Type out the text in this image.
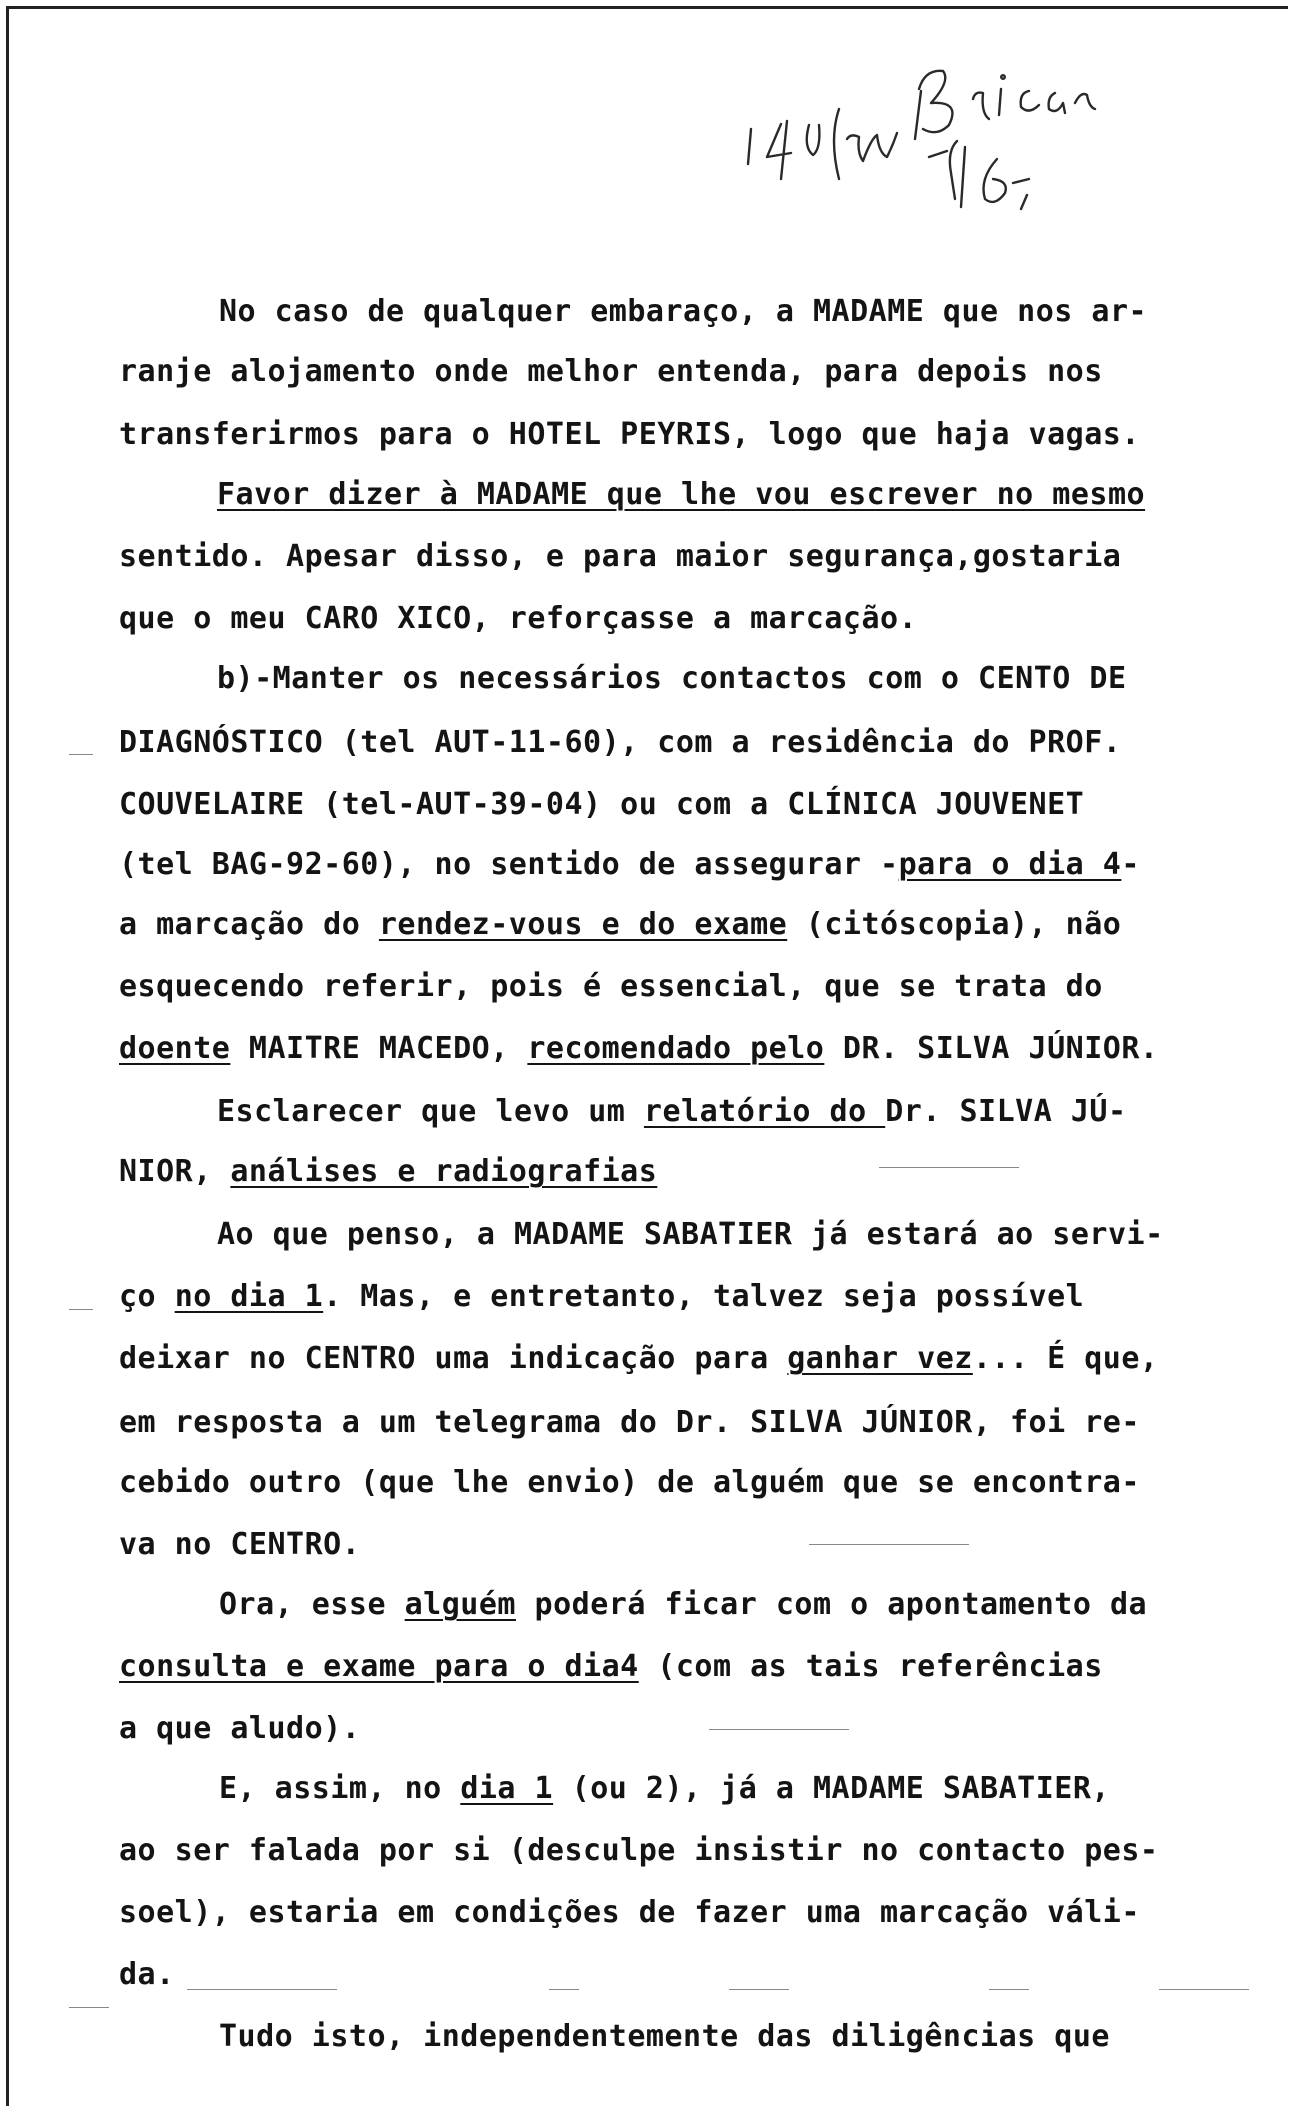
No caso de qualquer embaraço, a MADAME que nos ar-
ranje alojamento onde melhor entenda, para depois nos
transferirmos para o HOTEL PEYRIS, logo que haja vagas.
Favor dizer à MADAME que lhe vou escrever no mesmo
sentido. Apesar disso, e para maior segurança,gostaria
que o meu CARO XICO, reforçasse a marcação.
b)-Manter os necessários contactos com o CENTO DE
DIAGNÓSTICO (tel AUT-11-60), com a residência do PROF.
COUVELAIRE (tel-AUT-39-04) ou com a CLÍNICA JOUVENET
(tel BAG-92-60), no sentido de assegurar -para o dia 4-
a marcação do rendez-vous e do exame (citóscopia), não
esquecendo referir, pois é essencial, que se trata do
doente MAITRE MACEDO, recomendado pelo DR. SILVA JÚNIOR.
Esclarecer que levo um relatório do Dr. SILVA JÚ-
NIOR, análises e radiografias
Ao que penso, a MADAME SABATIER já estará ao servi-
ço no dia 1. Mas, e entretanto, talvez seja possível
deixar no CENTRO uma indicação para ganhar vez... É que,
em resposta a um telegrama do Dr. SILVA JÚNIOR, foi re-
cebido outro (que lhe envio) de alguém que se encontra-
va no CENTRO.
Ora, esse alguém poderá ficar com o apontamento da
consulta e exame para o dia4 (com as tais referências
a que aludo).
E, assim, no dia 1 (ou 2), já a MADAME SABATIER,
ao ser falada por si (desculpe insistir no contacto pes-
soel), estaria em condições de fazer uma marcação váli-
da.
Tudo isto, independentemente das diligências que
